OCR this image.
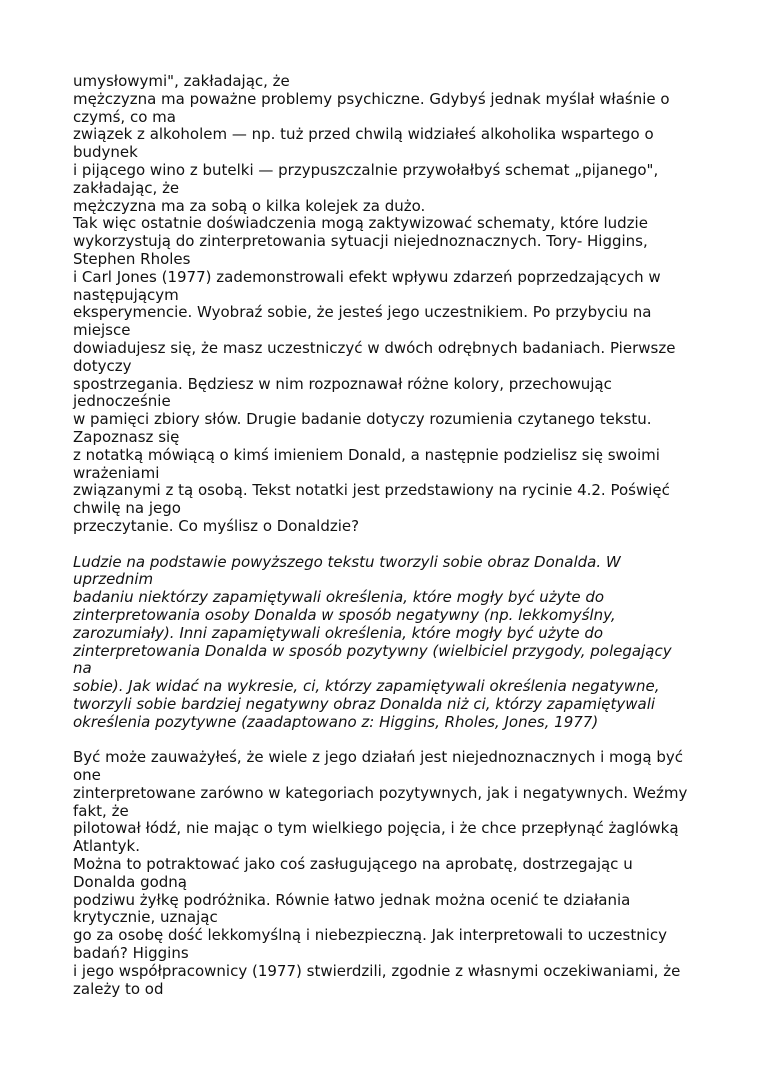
umysłowymi", zakładając, że
mężczyzna ma poważne problemy psychiczne. Gdybyś jednak myślał właśnie o czymś, co ma
związek z alkoholem — np. tuż przed chwilą widziałeś alkoholika wspartego o budynek
i pijącego wino z butelki — przypuszczalnie przywołałbyś schemat „pijanego", zakładając, że
mężczyzna ma za sobą o kilka kolejek za dużo.
Tak więc ostatnie doświadczenia mogą zaktywizować schematy, które ludzie
wykorzystują do zinterpretowania sytuacji niejednoznacznych. Tory- Higgins, Stephen Rholes
i Carl Jones (1977) zademonstrowali efekt wpływu zdarzeń poprzedzających w następującym
eksperymencie. Wyobraź sobie, że jesteś jego uczestnikiem. Po przybyciu na miejsce
dowiadujesz się, że masz uczestniczyć w dwóch odrębnych badaniach. Pierwsze dotyczy
spostrzegania. Będziesz w nim rozpoznawał różne kolory, przechowując jednocześnie
w pamięci zbiory słów. Drugie badanie dotyczy rozumienia czytanego tekstu. Zapoznasz się
z notatką mówiącą o kimś imieniem Donald, a następnie podzielisz się swoimi wrażeniami
związanymi z tą osobą. Tekst notatki jest przedstawiony na rycinie 4.2. Poświęć chwilę na jego
przeczytanie. Co myślisz o Donaldzie?
Ludzie na podstawie powyższego tekstu tworzyli sobie obraz Donalda. W uprzednim
badaniu niektórzy zapamiętywali określenia, które mogły być użyte do
zinterpretowania osoby Donalda w sposób negatywny (np. lekkomyślny,
zarozumiały). Inni zapamiętywali określenia, które mogły być użyte do
zinterpretowania Donalda w sposób pozytywny (wielbiciel przygody, polegający na
sobie). Jak widać na wykresie, ci, którzy zapamiętywali określenia negatywne,
tworzyli sobie bardziej negatywny obraz Donalda niż ci, którzy zapamiętywali
określenia pozytywne (zaadaptowano z: Higgins, Rholes, Jones, 1977)
Być może zauważyłeś, że wiele z jego działań jest niejednoznacznych i mogą być one
zinterpretowane zarówno w kategoriach pozytywnych, jak i negatywnych. Weźmy fakt, że
pilotował łódź, nie mając o tym wielkiego pojęcia, i że chce przepłynąć żaglówką Atlantyk.
Można to potraktować jako coś zasługującego na aprobatę, dostrzegając u Donalda godną
podziwu żyłkę podróżnika. Równie łatwo jednak można ocenić te działania krytycznie, uznając
go za osobę dość lekkomyślną i niebezpieczną. Jak interpretowali to uczestnicy badań? Higgins
i jego współpracownicy (1977) stwierdzili, zgodnie z własnymi oczekiwaniami, że zależy to od
